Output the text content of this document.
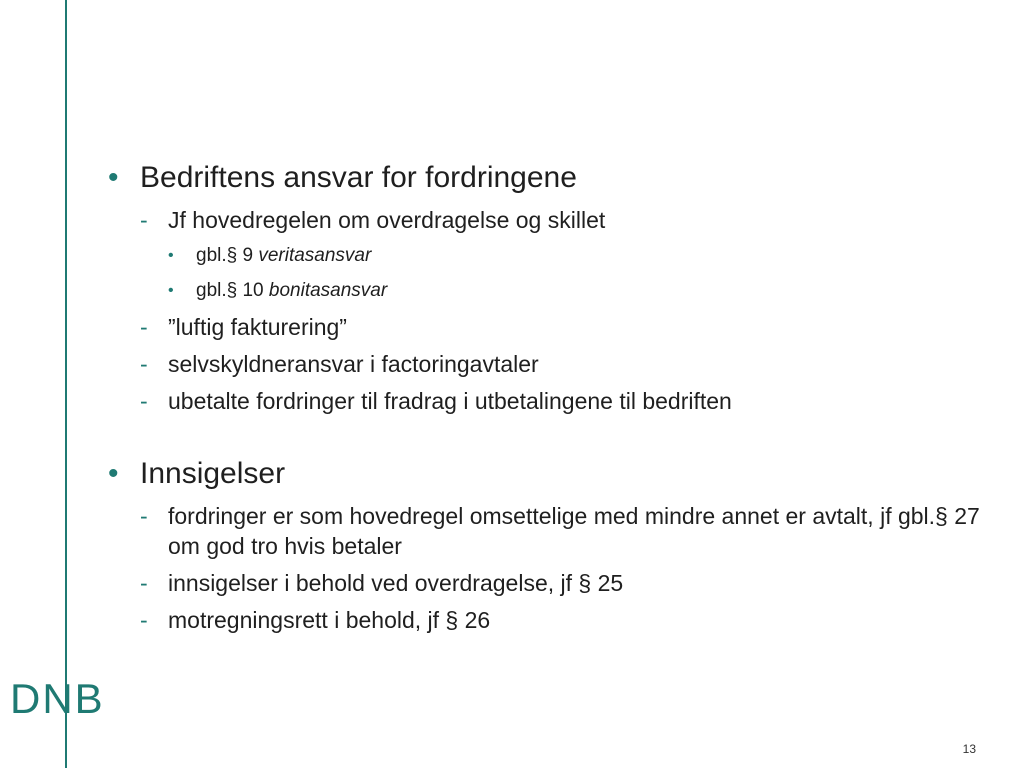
• Bedriftens ansvar for fordringene
- Jf hovedregelen om overdragelse og skillet
• gbl.§ 9 veritasansvar
• gbl.§ 10 bonitasansvar
- ”luftig fakturering”
- selvskyldneransvar i factoringavtaler
- ubetalte fordringer til fradrag i utbetalingene til bedriften
• Innsigelser
- fordringer er som hovedregel omsettelige med mindre annet er avtalt, jf gbl.§ 27 om god tro hvis betaler
- innsigelser i behold ved overdragelse, jf § 25
- motregningsrett i behold, jf § 26
DNB
13
